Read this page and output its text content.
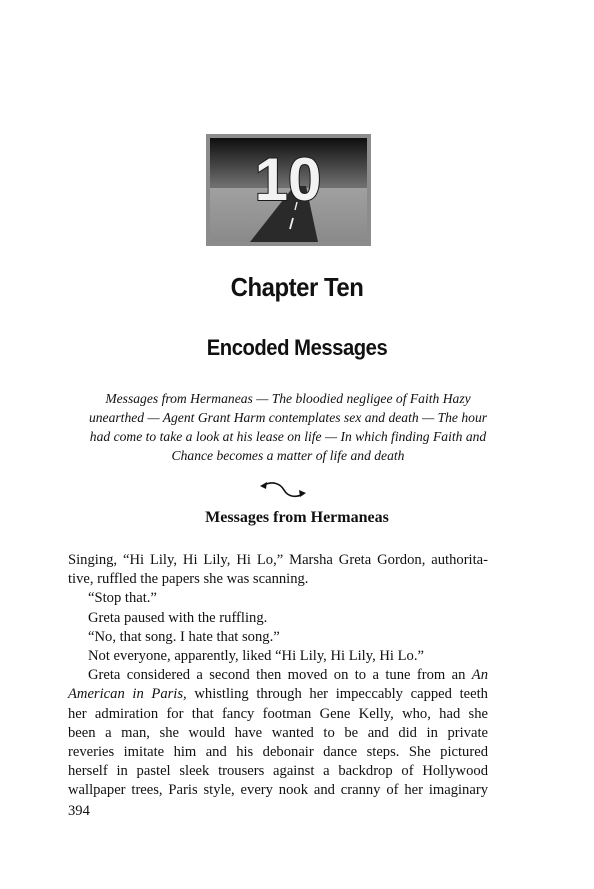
10
Chapter Ten
Encoded Messages
Messages from Hermaneas — The bloodied negligee of Faith Hazy
unearthed — Agent Grant Harm contemplates sex and death — The hour
had come to take a look at his lease on life — In which finding Faith and
Chance becomes a matter of life and death
Messages from Hermaneas
Singing, “Hi Lily, Hi Lily, Hi Lo,” Marsha Greta Gordon, authorita-
tive, ruffled the papers she was scanning.
“Stop that.”
Greta paused with the ruffling.
“No, that song. I hate that song.”
Not everyone, apparently, liked “Hi Lily, Hi Lily, Hi Lo.”
Greta considered a second then moved on to a tune from an An
American in Paris, whistling through her impeccably capped teeth
her admiration for that fancy footman Gene Kelly, who, had she
been a man, she would have wanted to be and did in private
reveries imitate him and his debonair dance steps. She pictured
herself in pastel sleek trousers against a backdrop of Hollywood
wallpaper trees, Paris style, every nook and cranny of her imaginary
394
